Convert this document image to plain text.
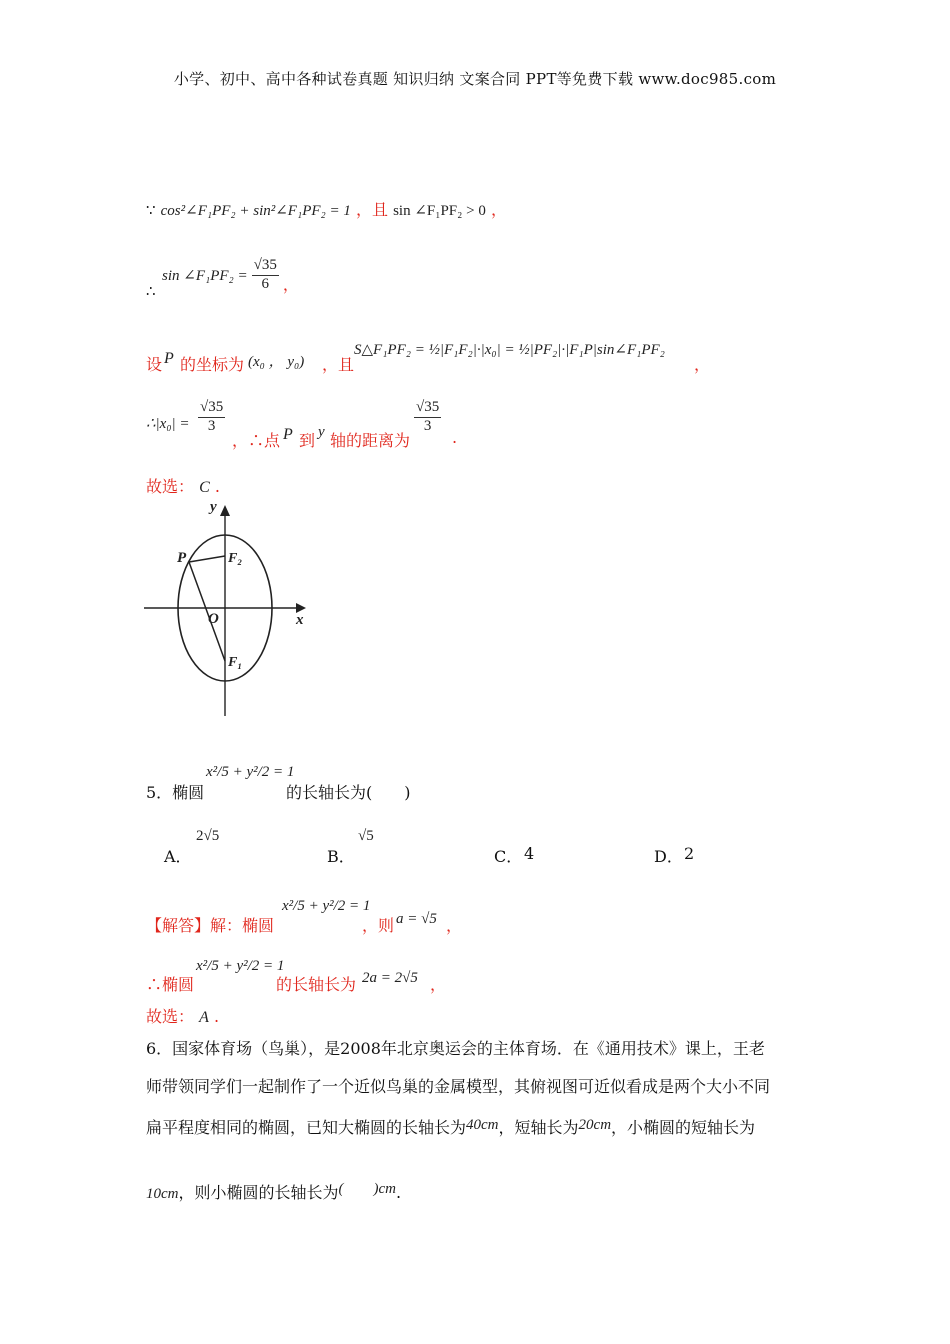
小学、初中、高中各种试卷真题 知识归纳 文案合同 PPT等免费下载 www.doc985.com
∵ cos²∠F₁PF₂ + sin²∠F₁PF₂ = 1 ，且 sin ∠F₁PF₂ > 0 ，
∴
sin ∠F₁PF₂ = $\frac{√35}{6}$ ，
设 P 的坐标为 (x₀ ， y₀) ，且
S△F₁PF₂ = ½|F₁F₂|·|x₀| = ½|PF₂|·|F₁P|sin∠F₁PF₂
，
∴|x₀| = $\frac{√35}{3}$
，∴点 P 到 y 轴的距离为
$\frac{√35}{3}$
.
故选： C .
P	F₂
O
F₁
x
y
5．椭圆
x²/5 + y²/2 = 1
的长轴长为(　　)
A．
2√5
B．
√5
C． 4	D． 2
【解答】解：椭圆
x²/5 + y²/2 = 1
，则 a = √5 ，
∴椭圆
x²/5 + y²/2 = 1
的长轴长为 2a = 2√5 ，
故选： A .
6．国家体育场（鸟巢），是2008年北京奥运会的主体育场．在《通用技术》课上，王老
师带领同学们一起制作了一个近似鸟巢的金属模型，其俯视图可近似看成是两个大小不同
扁平程度相同的椭圆，已知大椭圆的长轴长为40cm，短轴长为20cm，小椭圆的短轴长为
10cm，则小椭圆的长轴长为(　　)cm.
